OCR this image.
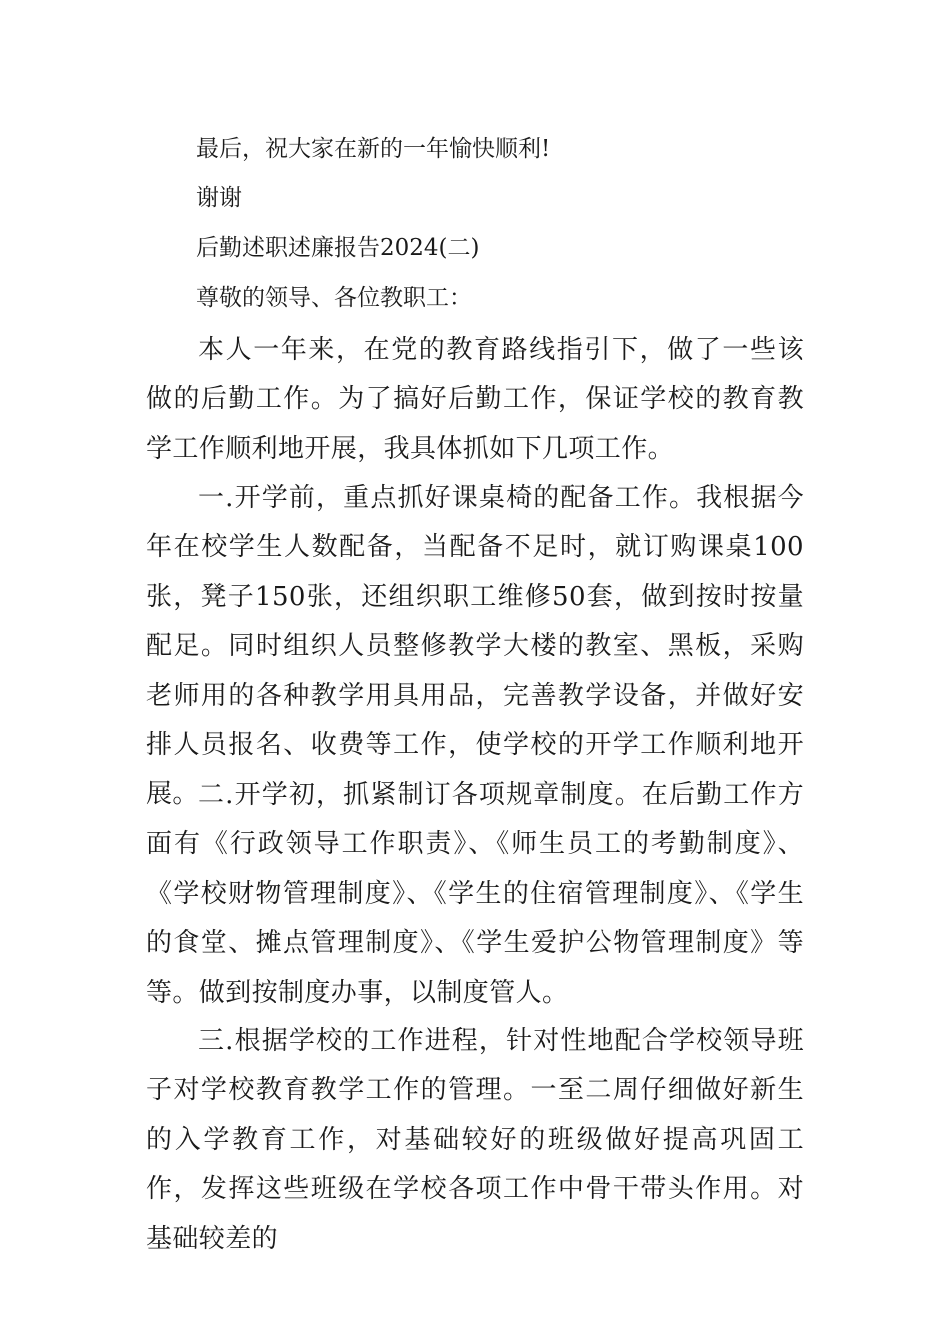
最后，祝大家在新的一年愉快顺利!

谢谢

后勤述职述廉报告2024(二)

尊敬的领导、各位教职工：

本人一年来，在党的教育路线指引下，做了一些该做的后勤工作。为了搞好后勤工作，保证学校的教育教学工作顺利地开展，我具体抓如下几项工作。

一.开学前，重点抓好课桌椅的配备工作。我根据今年在校学生人数配备，当配备不足时，就订购课桌100张，凳子150张，还组织职工维修50套，做到按时按量配足。同时组织人员整修教学大楼的教室、黑板，采购老师用的各种教学用具用品，完善教学设备，并做好安排人员报名、收费等工作，使学校的开学工作顺利地开展。 二.开学初，抓紧制订各项规章制度。在后勤工作方面有《行政领导工作职责》、《师生员工的考勤制度》、《学校财物管理制度》、《学生的住宿管理制度》、《学生的食堂、摊点管理制度》、《学生爱护公物管理制度》等等。做到按制度办事，以制度管人。

三.根据学校的工作进程，针对性地配合学校领导班子对学校教育教学工作的管理。一至二周仔细做好新生的入学教育工作，对基础较好的班级做好提高巩固工作，发挥这些班级在学校各项工作中骨干带头作用。对基础较差的
